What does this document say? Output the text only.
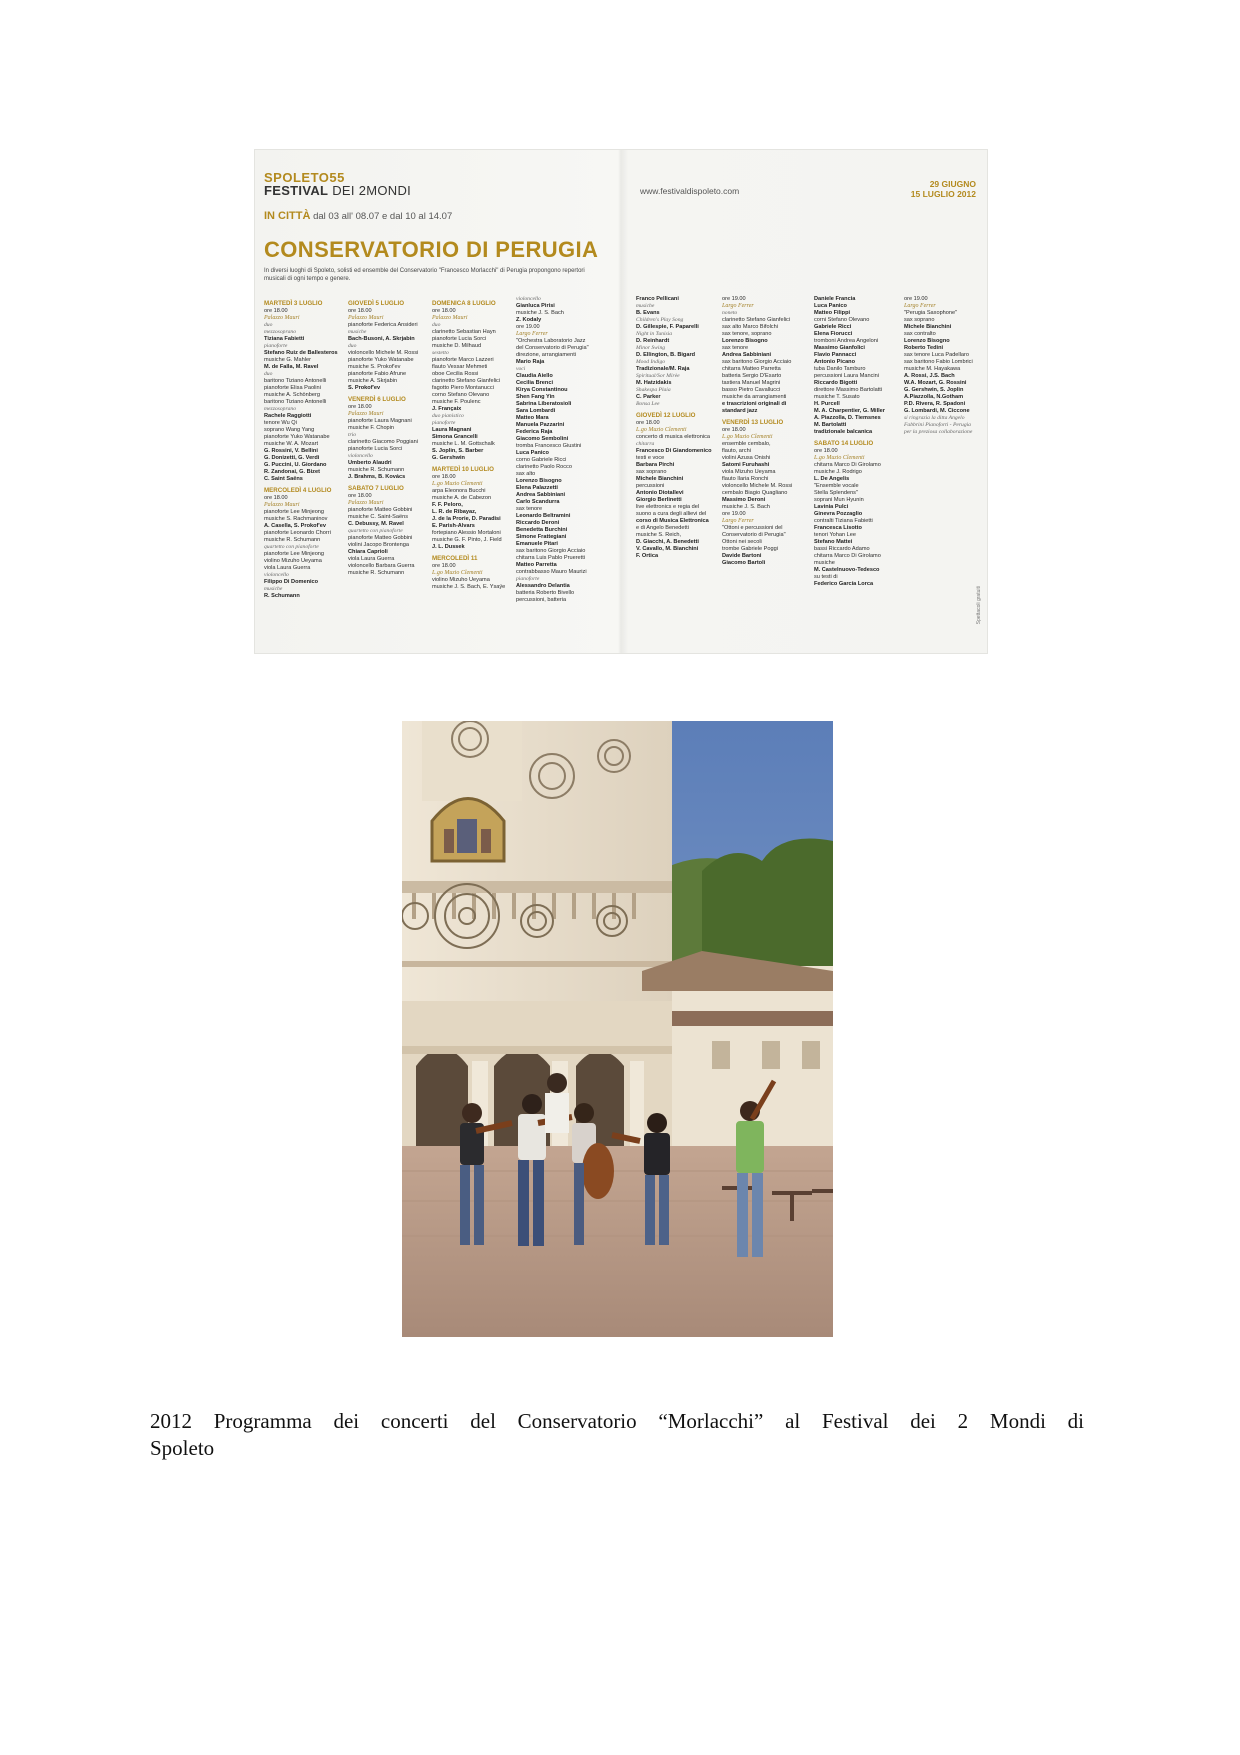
SPOLETO55
FESTIVAL DEI 2MONDI	www.festivaldispoleto.com
29 GIUGNO
15 LUGLIO 2012
IN CITTÀ dal 03 all' 08.07 e dal 10 al 14.07
CONSERVATORIO DI PERUGIA
In diversi luoghi di Spoleto, solisti ed ensemble del Conservatorio "Francesco Morlacchi" di Perugia propongono repertori musicali di ogni tempo e genere.
MARTEDÌ 3 LUGLIO
ore 18.00
Palazzo Mauri
duo
mezzosoprano
Tiziana Fabietti
pianoforte
Stefano Ruiz de Ballesteros
musiche G. Mahler
M. de Falla, M. Ravel
duo
baritono Tiziano Antonelli
pianoforte Elisa Paolini
musiche A. Schönberg
baritono Tiziano Antonelli
mezzosoprano
Rachele Raggiotti
tenore Wu Qi
soprano Wang Yang
pianoforte Yuko Watanabe
musiche W. A. Mozart
G. Rossini, V. Bellini
G. Donizetti, G. Verdi
G. Puccini, U. Giordano
R. Zandonai, G. Bizet
C. Saint Saëns
MERCOLEDÌ 4 LUGLIO
ore 18.00
Palazzo Mauri
pianoforte Lee Minjeong
musiche S. Rachmaninov
A. Casella, S. Prokof'ev
pianoforte Leonardo Chorri
musiche R. Schumann
quartetto con pianoforte
pianoforte Lee Minjeong
violino Mizuho Ueyama
viola Laura Guerra
violoncello
Filippo Di Domenico
musiche
R. Schumann
GIOVEDÌ 5 LUGLIO
ore 18.00
Palazzo Mauri
pianoforte Federica Ansideri
musiche
Bach-Busoni, A. Skrjabin
duo
violoncello Michele M. Rossi
pianoforte Yuko Watanabe
musiche S. Prokof'ev
pianoforte Fabio Afrune
musiche A. Skrjabin
S. Prokof'ev
VENERDÌ 6 LUGLIO
ore 18.00
Palazzo Mauri
pianoforte Laura Magnani
musiche F. Chopin
trio
clarinetto Giacomo Poggiani
pianoforte Lucia Sorci
violoncello
Umberto Alaudri
musiche R. Schumann
J. Brahms, B. Kovács
SABATO 7 LUGLIO
ore 18.00
Palazzo Mauri
pianoforte Matteo Gobbini
musiche C. Saint-Saëns
C. Debussy, M. Ravel
quartetto con pianoforte
pianoforte Matteo Gobbini
violini Jacopo Brontenga
Chiara Caprioli
viola Laura Guerra
violoncello Barbara Guerra
musiche R. Schumann
DOMENICA 8 LUGLIO
ore 18.00
Palazzo Mauri
duo
clarinetto Sebastian Hayn
pianoforte Lucia Sorci
musiche D. Milhaud
sestetto
pianoforte Marco Lazzeri
flauto Vessar Mehmeti
oboe Cecilia Rossi
clarinetto Stefano Gianfelici
fagotto Piero Montanucci
corno Stefano Olevano
musiche F. Poulenc
J. Françaix
duo pianistico
pianoforte
Laura Magnani
Simona Grancelli
musiche L. M. Gottschalk
S. Joplin, S. Barber
G. Gershwin
MARTEDÌ 10 LUGLIO
ore 18.00
L.go Muzio Clementi
arpa Eleonora Bucchi
musiche A. de Cabezon
F. F. Peloro,
L. R. de Ribayaz,
J. de la Prorie, D. Paradisi
E. Parish-Alvars
fortepiano Alessio Mortaloni
musiche G. F. Pinto, J. Field
J. L. Dussek
MERCOLEDÌ 11
ore 18.00
L.go Muzio Clementi
violino Mizuho Ueyama
musiche J. S. Bach, E. Ysaÿe
violoncello
Gianluca Pirisi
musiche J. S. Bach
Z. Kodaly
ore 19.00
Largo Ferrer
"Orchestra Laboratorio Jazz
del Conservatorio di Perugia"
direzione, arrangiamenti
Mario Raja
voci
Claudia Aiello
Cecilia Brenci
Kirya Constantinou
Shen Fang Yin
Sabrina Liberatosioli
Sara Lombardi
Matteo Mara
Manuela Pazzarini
Federica Raja
Giacomo Sembolini
tromba Francesco Giustini
Luca Panico
corno Gabriele Ricci
clarinetto Paolo Rocco
sax alto
Lorenzo Bisogno
Elena Palazzetti
Andrea Sabbiniani
Carlo Scandurra
sax tenore
Leonardo Beltramini
Riccardo Deroni
Benedetta Burchini
Simone Frattegiani
Emanuele Pitari
sax baritono Giorgio Acciaio
chitarra Luis Pablo Prueretti
Matteo Parretta
contrabbasso Mauro Maurizi
pianoforte
Alessandro Delantia
batteria Roberto Bivello
percussioni, batteria
Franco Pellicani
musiche
B. Evans
Children's Play Song
D. Gillespie, F. Paparelli
Night in Tunisia
D. Reinhardt
Minor Swing
D. Ellington, B. Bigard
Mood Indigo
Tradizionale/M. Raja
Spiritual/Sor Mirèe
M. Hatzidakis
Shakespa Plaia
C. Parker
Bonsa Lee
GIOVEDÌ 12 LUGLIO
ore 18.00
L.go Muzio Clementi
concerto di musica elettronica
chitarra
Francesco Di Giandomenico
testi e voce
Barbara Pirchi
sax soprano
Michele Bianchini
percussioni
Antonio Diotallevi
Giorgio Berlinetti
live elettronics e regia del
suono a cura degli allievi del
corso di Musica Elettronica
e di Angelo Benedetti
musiche S. Reich,
D. Giacchi, A. Benedetti
V. Cavallo, M. Bianchini
F. Ortica
ore 19.00
Largo Ferrer
noneto
clarinetto Stefano Gianfelici
sax alto Marco Bifolchi
sax tenore, soprano
Lorenzo Bisogno
sax tenore
Andrea Sabbiniani
sax baritono Giorgio Acciaio
chitarra Matteo Parretta
batteria Sergio D'Esarto
tastiera Manuel Magrini
basso Pietro Cavallucci
musiche da arrangiamenti
e trascrizioni originali di
standard jazz
VENERDÌ 13 LUGLIO
ore 18.00
L.go Muzio Clementi
ensemble cembalo,
flauto, archi
violini Azusa Onishi
Satomi Furuhashi
viola Mizuho Ueyama
flauto Ilaria Ronchi
violoncello Michele M. Rossi
cembalo Biagio Quagliano
Massimo Deroni
musiche J. S. Bach
ore 19.00
Largo Ferrer
"Ottoni e percussioni del
Conservatorio di Perugia"
Ottoni nei secoli
trombe Gabriele Poggi
Davide Bartoni
Giacomo Bartoli
Daniele Francia
Luca Panico
Matteo Filippi
corni Stefano Olevano
Gabriele Ricci
Elena Fiorucci
tromboni Andrea Angeloni
Massimo Gianfolici
Flavio Pannacci
Antonio Picano
tuba Danilo Tamburo
percussioni Laura Mancini
Riccardo Bigotti
direttore Massimo Bartolatti
musiche T. Susato
H. Purcell
M. A. Charpentier, G. Miller
A. Piazzolla, D. Tiemsnes
M. Bartolatti
tradizionale balcanica
SABATO 14 LUGLIO
ore 18.00
L.go Muzio Clementi
chitarra Marco Di Girolamo
musiche J. Rodrigo
L. De Angelis
"Ensemble vocale
Stella Splendens"
soprani Mun Hyunin
Lavinia Pulci
Ginevra Pozzaglio
contralti Tiziana Fabietti
Francesca Lisotto
tenori Yohan Lee
Stefano Mattei
bassi Riccardo Adamo
chitarra Marco Di Girolamo
musiche
M. Castelnuovo-Tedesco
su testi di
Federico García Lorca
ore 19.00
Largo Ferrer
"Perugia Saxophone"
sax soprano
Michele Bianchini
sax contralto
Lorenzo Bisogno
Roberto Tedini
sax tenore Luca Padellaro
sax baritono Fabio Lombrici
musiche M. Hayakawa
A. Rossi, J.S. Bach
W.A. Mozart, G. Rossini
G. Gershwin, S. Joplin
A.Piazzolla, N.Gotham
P.D. Rivera, R. Spadoni
G. Lombardi, M. Ciccone
si ringrazia la ditta Angelo
Fabbrini Pianoforti - Perugia
per la preziosa collaborazione
Spettacoli gratuiti
2012 Programma dei concerti del Conservatorio “Morlacchi” al Festival dei 2 Mondi di
Spoleto
